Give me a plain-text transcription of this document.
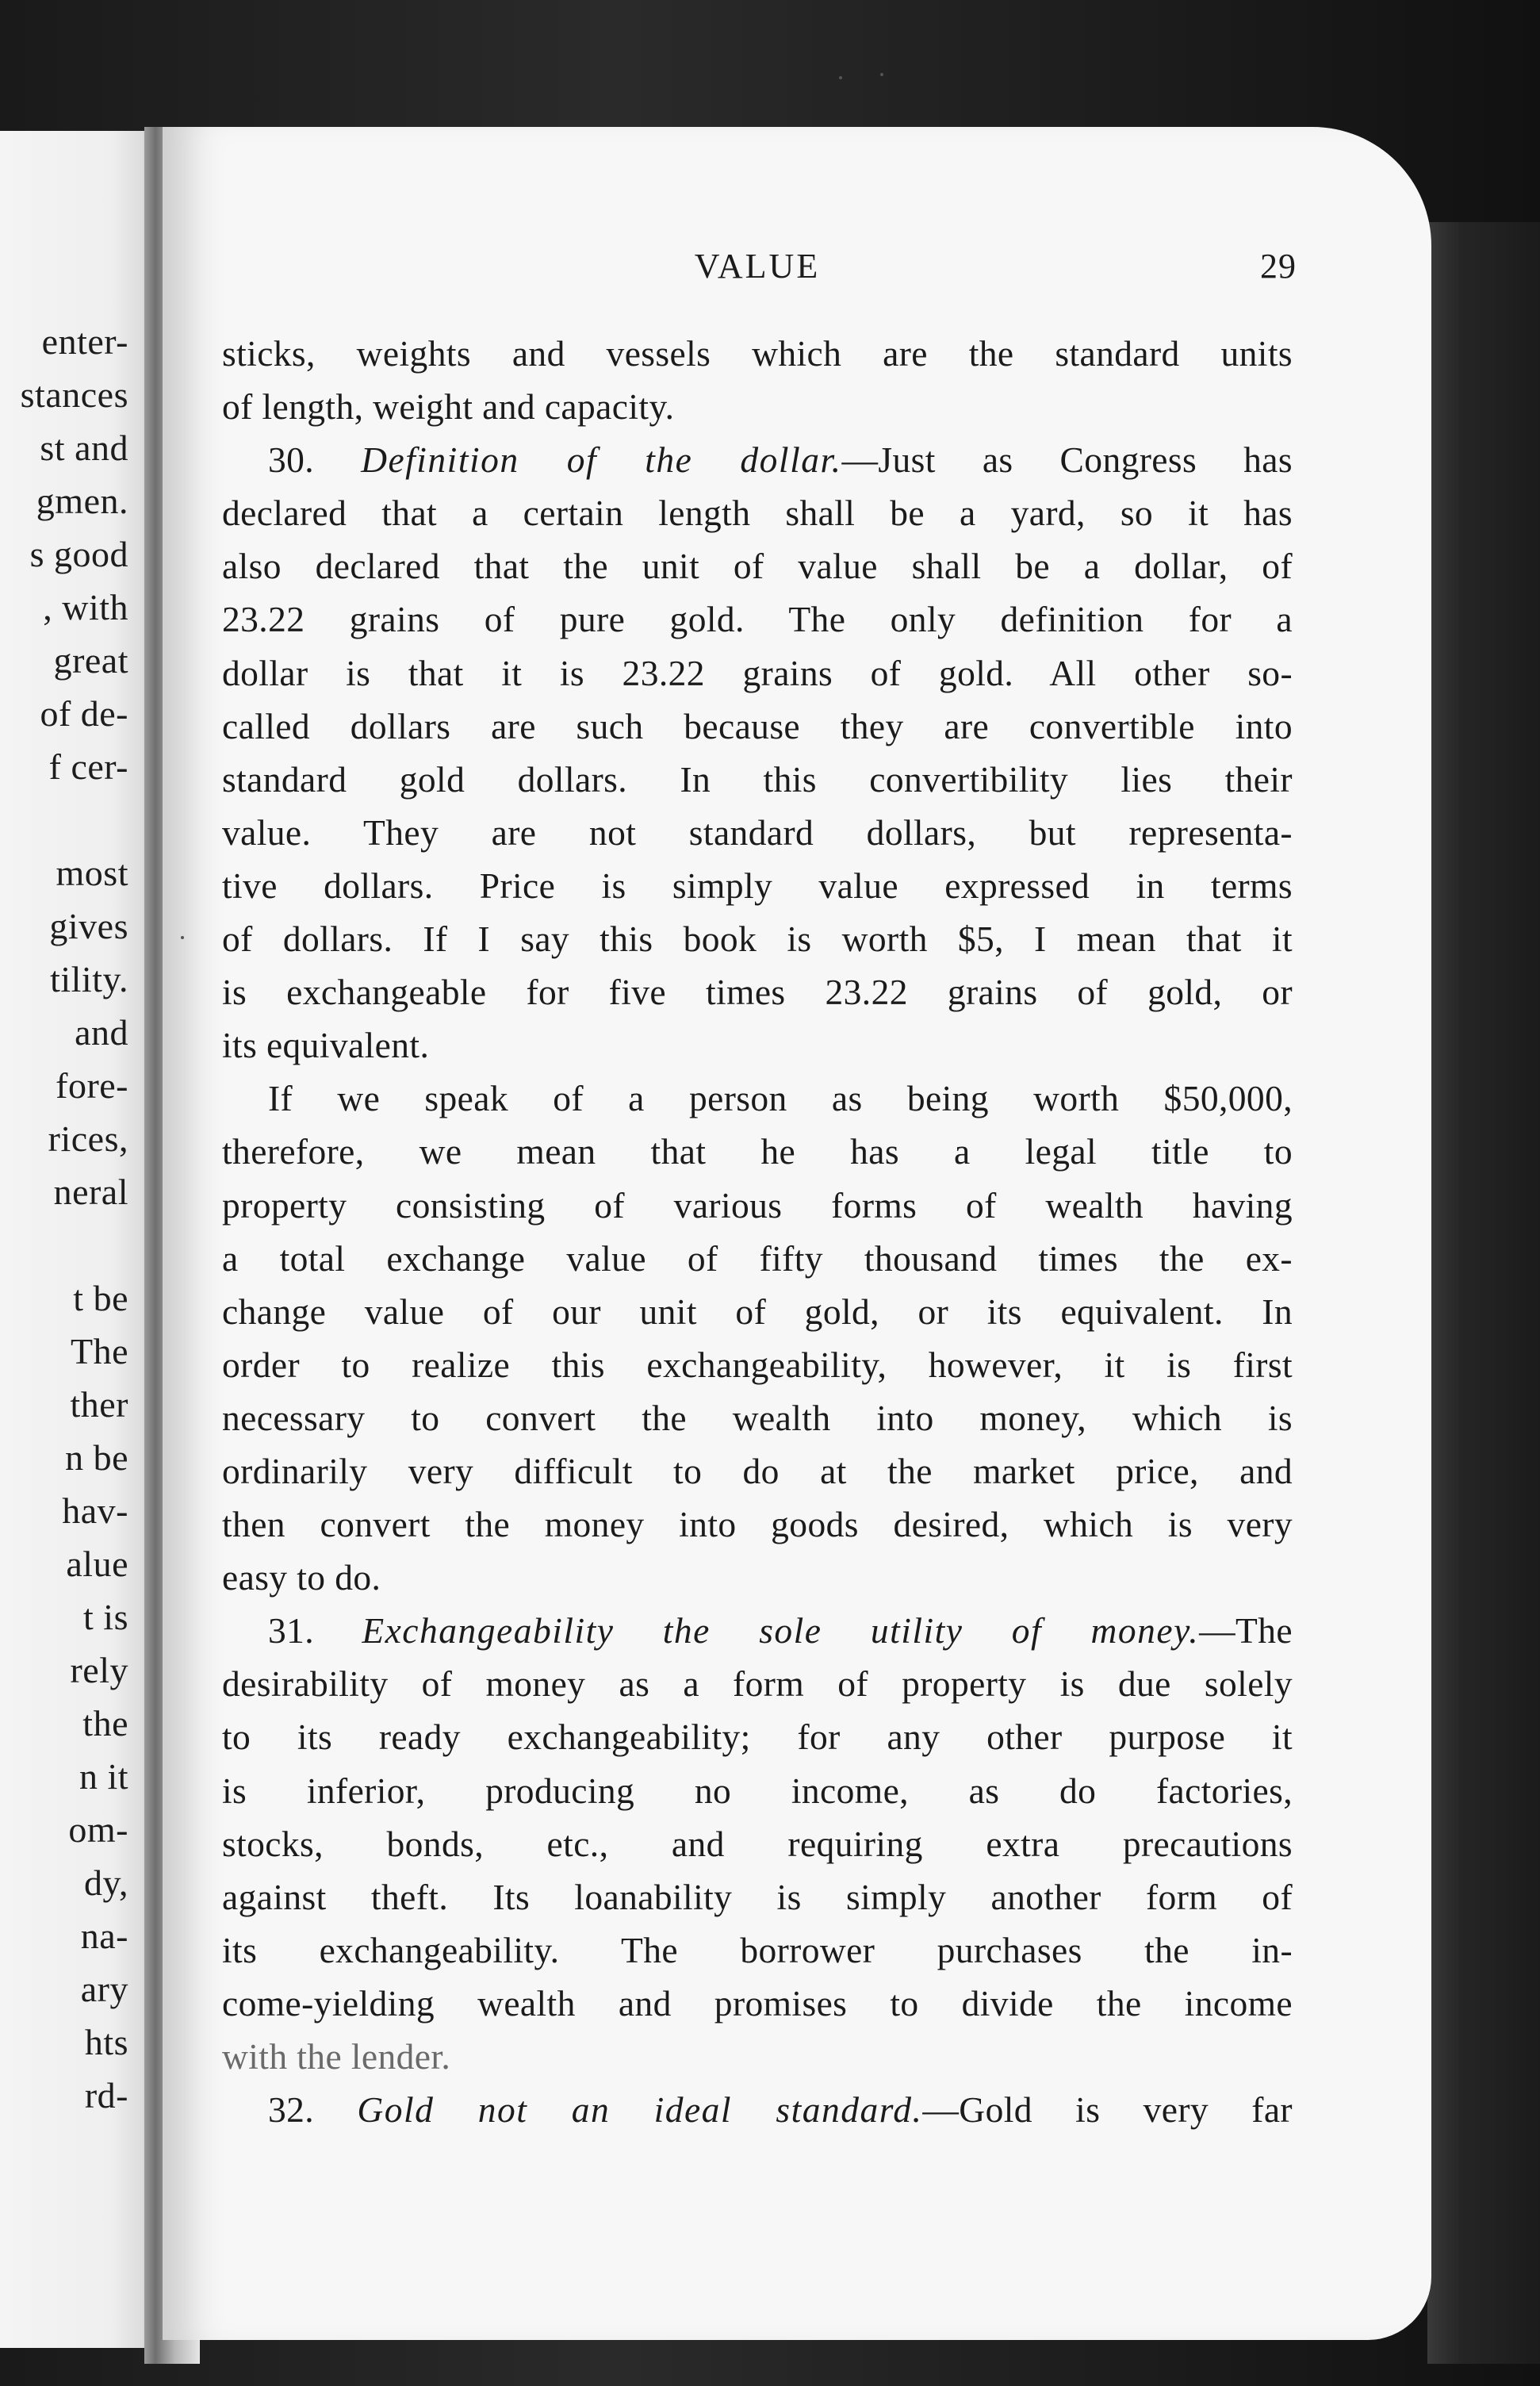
enter-
stances
st and
gmen.
s good
, with
great
of de-
f cer-
most
gives
tility.
and
fore-
rices,
neral
t be
The
ther
n be
hav-
alue
t is
rely
the
n it
om-
dy,
na-
ary
hts
rd-
VALUE	29
sticks, weights and vessels which are the standard units
of length, weight and capacity.
30. Definition of the dollar.—Just as Congress has
declared that a certain length shall be a yard, so it has
also declared that the unit of value shall be a dollar, of
23.22 grains of pure gold. The only definition for a
dollar is that it is 23.22 grains of gold. All other so-
called dollars are such because they are convertible into
standard gold dollars. In this convertibility lies their
value. They are not standard dollars, but representa-
tive dollars. Price is simply value expressed in terms
of dollars. If I say this book is worth $5, I mean that it
is exchangeable for five times 23.22 grains of gold, or
its equivalent.
If we speak of a person as being worth $50,000,
therefore, we mean that he has a legal title to
property consisting of various forms of wealth having
a total exchange value of fifty thousand times the ex-
change value of our unit of gold, or its equivalent. In
order to realize this exchangeability, however, it is first
necessary to convert the wealth into money, which is
ordinarily very difficult to do at the market price, and
then convert the money into goods desired, which is very
easy to do.
31. Exchangeability the sole utility of money.—The
desirability of money as a form of property is due solely
to its ready exchangeability; for any other purpose it
is inferior, producing no income, as do factories,
stocks, bonds, etc., and requiring extra precautions
against theft. Its loanability is simply another form of
its exchangeability. The borrower purchases the in-
come-yielding wealth and promises to divide the income
with the lender.
32. Gold not an ideal standard.—Gold is very far
